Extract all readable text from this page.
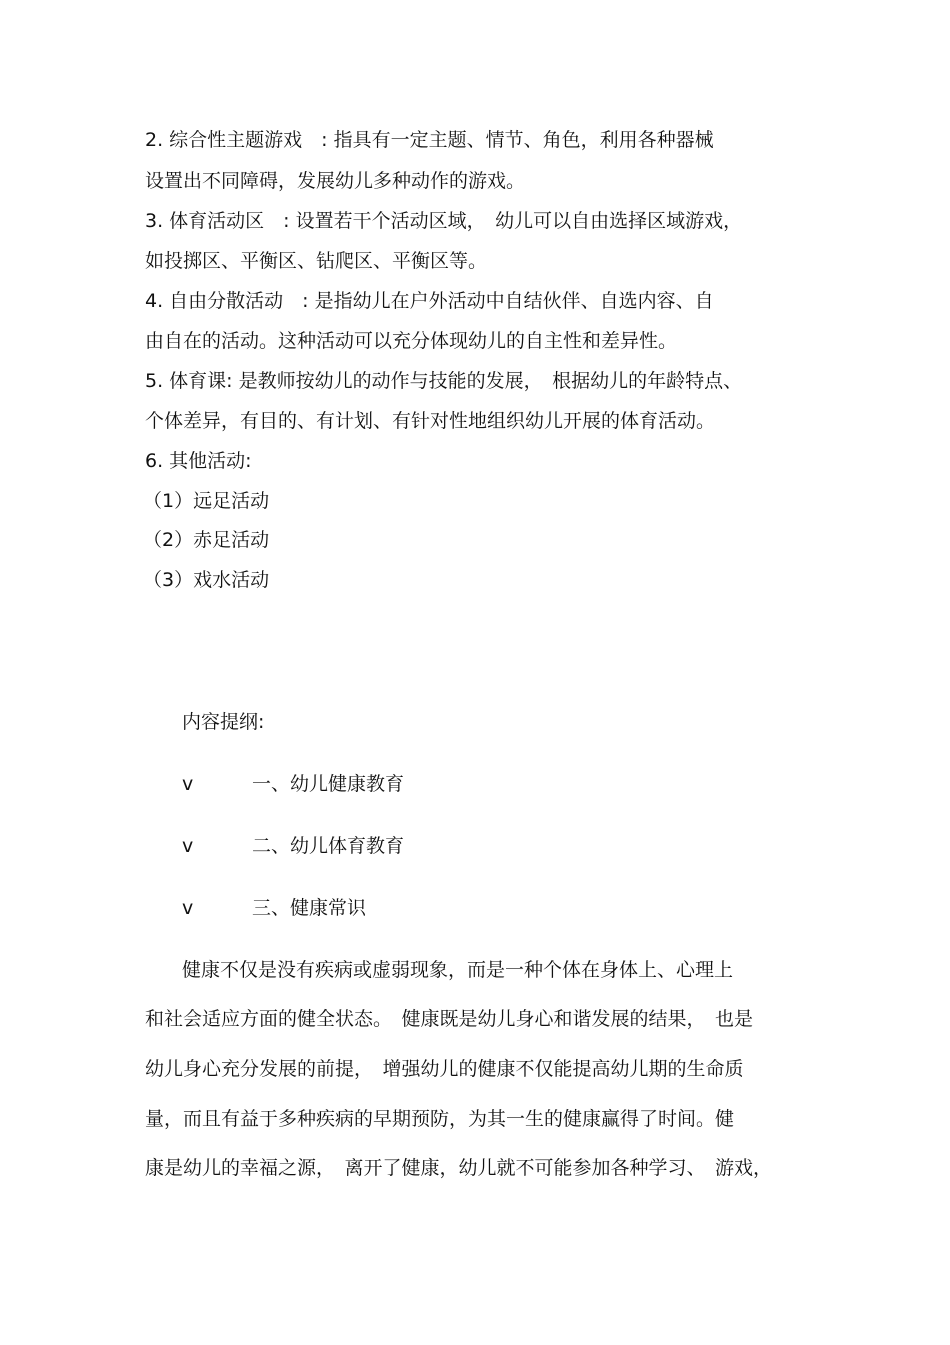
2. 综合性主题游戏　: 指具有一定主题、情节、角色，利用各种器械
设置出不同障碍，发展幼儿多种动作的游戏。
3. 体育活动区　: 设置若干个活动区域，　幼儿可以自由选择区域游戏，
如投掷区、平衡区、钻爬区、平衡区等。
4. 自由分散活动　: 是指幼儿在户外活动中自结伙伴、自选内容、自
由自在的活动。这种活动可以充分体现幼儿的自主性和差异性。
5. 体育课: 是教师按幼儿的动作与技能的发展，　根据幼儿的年龄特点、
个体差异，有目的、有计划、有针对性地组织幼儿开展的体育活动。
6. 其他活动:
（1）远足活动
（2）赤足活动
（3）戏水活动
内容提纲:
v	一、幼儿健康教育
v	二、幼儿体育教育
v	三、健康常识
健康不仅是没有疾病或虚弱现象，而是一种个体在身体上、心理上
和社会适应方面的健全状态。　健康既是幼儿身心和谐发展的结果，　也是
幼儿身心充分发展的前提，　增强幼儿的健康不仅能提高幼儿期的生命质
量，而且有益于多种疾病的早期预防，为其一生的健康赢得了时间。健
康是幼儿的幸福之源，　离开了健康，幼儿就不可能参加各种学习、　游戏，
